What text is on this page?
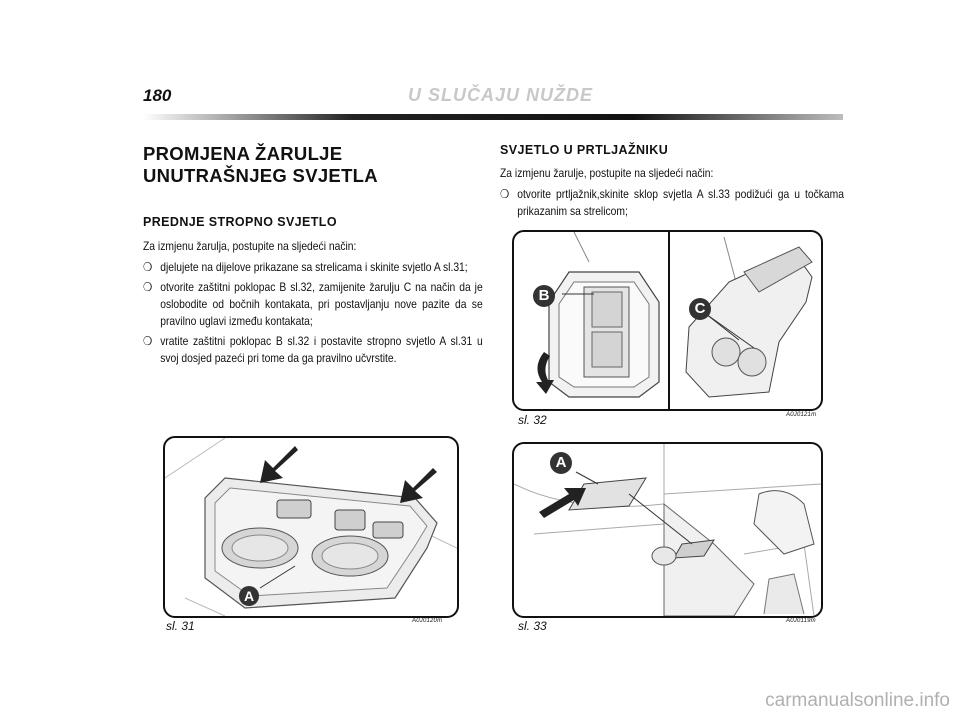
180	U SLUČAJU NUŽDE
PROMJENA ŽARULJE
UNUTRAŠNJEG SVJETLA
PREDNJE STROPNO SVJETLO
Za izmjenu žarulja, postupite na sljedeći način:
❍ djelujete na dijelove prikazane sa strelicama i skinite svjetlo A sl.31;
❍ otvorite zaštitni poklopac B sl.32, zamijenite žarulju C na način da je oslobodite od bočnih kontakata, pri postavljanju nove pazite da se pravilno uglavi između kontakata;
❍ vratite zaštitni poklopac B sl.32 i postavite stropno svjetlo A sl.31 u svoj dosjed pazeći pri tome da ga pravilno učvrstite.
SVJETLO U PRTLJAŽNIKU
Za izmjenu žarulje, postupite na sljedeći način:
❍ otvorite prtljažnik,skinite sklop svjetla A sl.33 podižući ga u točkama prikazanim sa strelicom;
A
sl. 31	A0J0120m
B
C
sl. 32	A0J0121m
A
sl. 33	A0J0119m
carmanualsonline.info
